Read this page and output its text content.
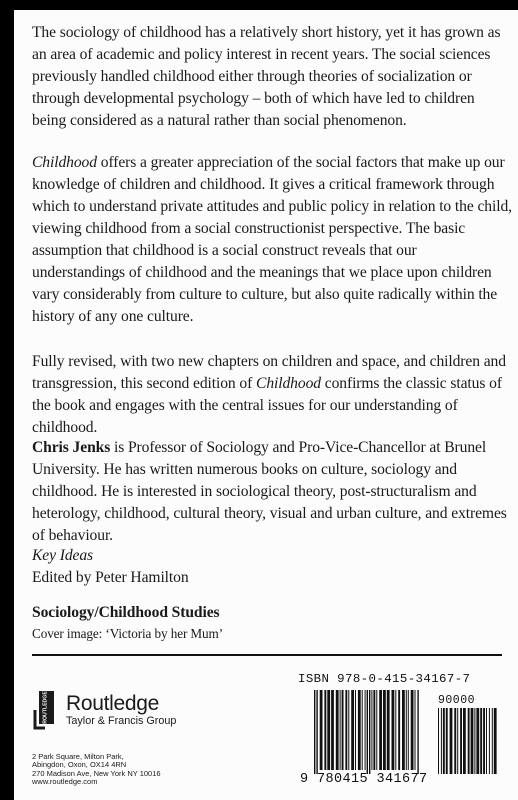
The sociology of childhood has a relatively short history, yet it has grown as an area of academic and policy interest in recent years. The social sciences previously handled childhood either through theories of socialization or through developmental psychology – both of which have led to children being considered as a natural rather than social phenomenon.

Childhood offers a greater appreciation of the social factors that make up our knowledge of children and childhood. It gives a critical framework through which to understand private attitudes and public policy in relation to the child, viewing childhood from a social constructionist perspective. The basic assumption that childhood is a social construct reveals that our understandings of childhood and the meanings that we place upon children vary considerably from culture to culture, but also quite radically within the history of any one culture.

Fully revised, with two new chapters on children and space, and children and transgression, this second edition of Childhood confirms the classic status of the book and engages with the central issues for our understanding of childhood.

Chris Jenks is Professor of Sociology and Pro-Vice-Chancellor at Brunel University. He has written numerous books on culture, sociology and childhood. He is interested in sociological theory, post-structuralism and heterology, childhood, cultural theory, visual and urban culture, and extremes of behaviour.

Key Ideas

Edited by Peter Hamilton

Sociology/Childhood Studies

Cover image: ‘Victoria by her Mum’

ROUTLEDGE Routledge
Taylor & Francis Group
2 Park Square, Milton Park,
Abingdon, Oxon, OX14 4RN
270 Madison Ave, New York NY 10016
www.routledge.com
ISBN 978-0-415-34167-7
90000
9 780415 341677
